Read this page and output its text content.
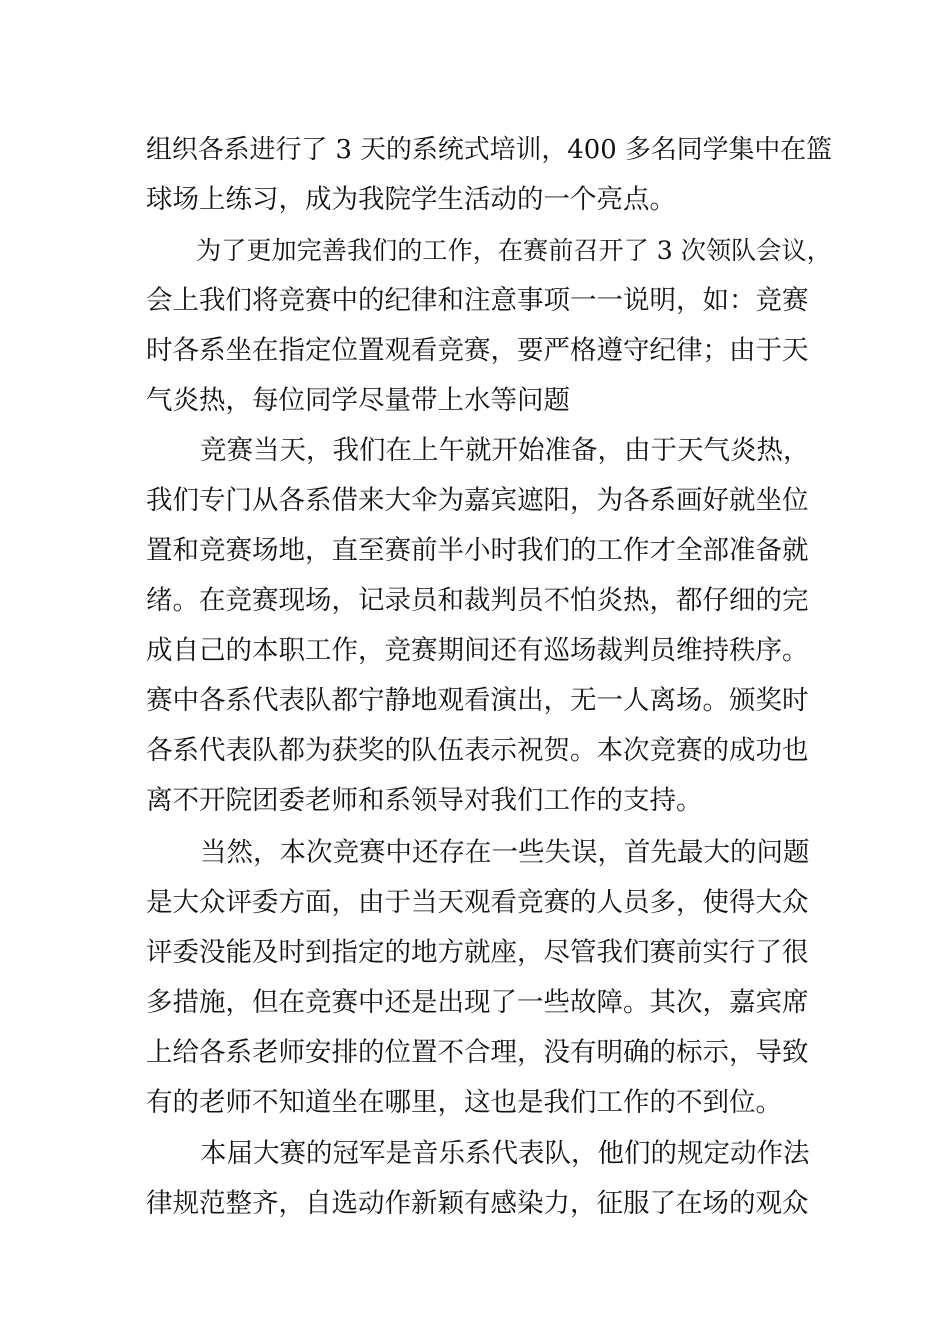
组织各系进行了 3 天的系统式培训，400 多名同学集中在篮
球场上练习，成为我院学生活动的一个亮点。
为了更加完善我们的工作，在赛前召开了 3 次领队会议，
会上我们将竞赛中的纪律和注意事项一一说明，如：竞赛
时各系坐在指定位置观看竞赛，要严格遵守纪律；由于天
气炎热，每位同学尽量带上水等问题
竞赛当天，我们在上午就开始准备，由于天气炎热，
我们专门从各系借来大伞为嘉宾遮阳，为各系画好就坐位
置和竞赛场地，直至赛前半小时我们的工作才全部准备就
绪。在竞赛现场，记录员和裁判员不怕炎热，都仔细的完
成自己的本职工作，竞赛期间还有巡场裁判员维持秩序。
赛中各系代表队都宁静地观看演出，无一人离场。颁奖时
各系代表队都为获奖的队伍表示祝贺。本次竞赛的成功也
离不开院团委老师和系领导对我们工作的支持。
当然，本次竞赛中还存在一些失误，首先最大的问题
是大众评委方面，由于当天观看竞赛的人员多，使得大众
评委没能及时到指定的地方就座，尽管我们赛前实行了很
多措施，但在竞赛中还是出现了一些故障。其次，嘉宾席
上给各系老师安排的位置不合理，没有明确的标示，导致
有的老师不知道坐在哪里，这也是我们工作的不到位。
本届大赛的冠军是音乐系代表队，他们的规定动作法
律规范整齐，自选动作新颖有感染力，征服了在场的观众
